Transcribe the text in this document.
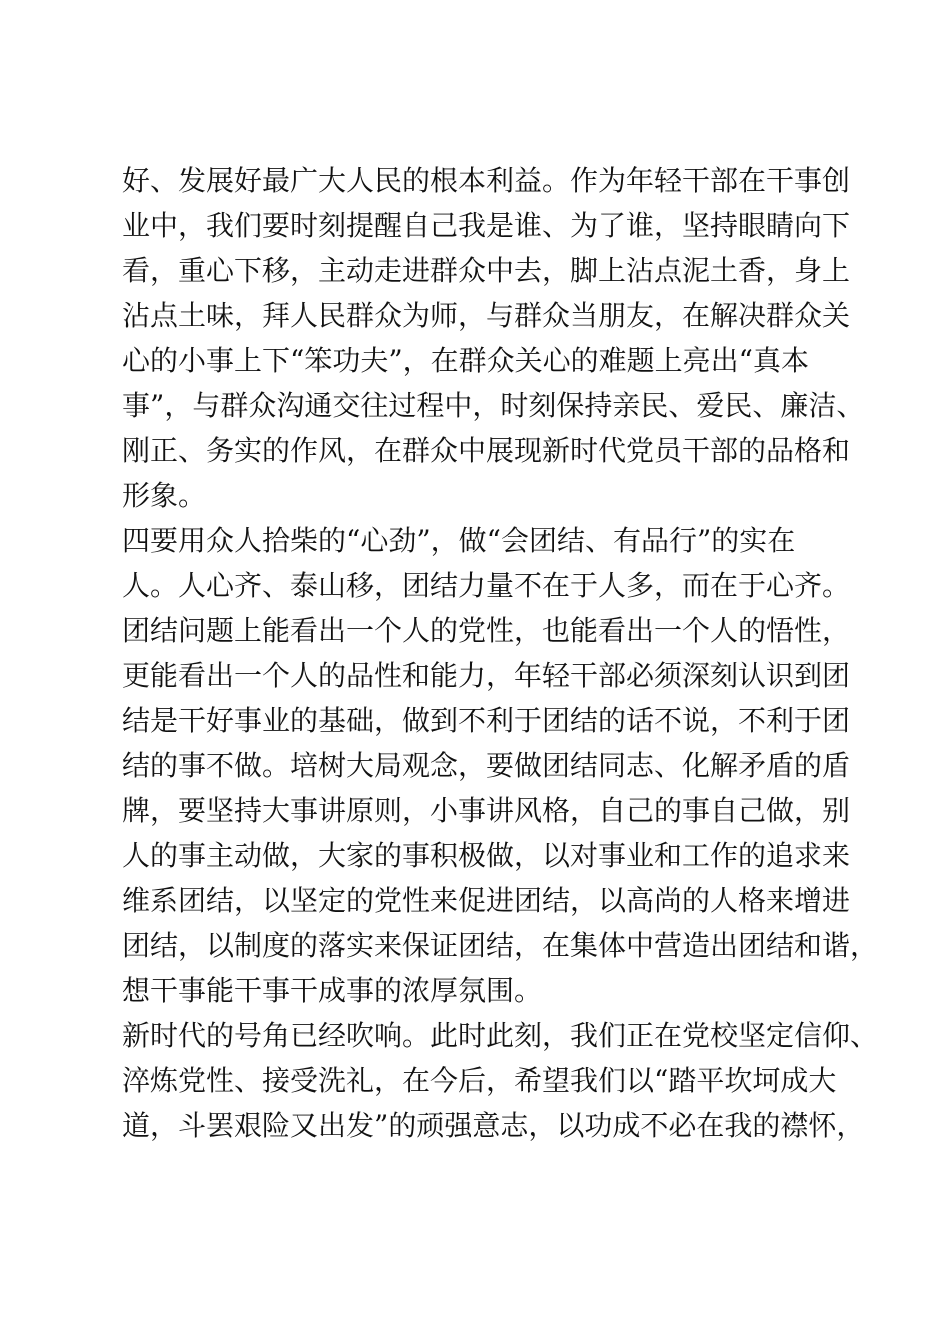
好、发展好最广大人民的根本利益。作为年轻干部在干事创
业中，我们要时刻提醒自己我是谁、为了谁，坚持眼睛向下
看，重心下移，主动走进群众中去，脚上沾点泥土香，身上
沾点土味，拜人民群众为师，与群众当朋友，在解决群众关
心的小事上下“笨功夫”，在群众关心的难题上亮出“真本
事”，与群众沟通交往过程中，时刻保持亲民、爱民、廉洁、
刚正、务实的作风，在群众中展现新时代党员干部的品格和
形象。
四要用众人拾柴的“心劲”，做“会团结、有品行”的实在
人。人心齐、泰山移，团结力量不在于人多，而在于心齐。
团结问题上能看出一个人的党性，也能看出一个人的悟性，
更能看出一个人的品性和能力，年轻干部必须深刻认识到团
结是干好事业的基础，做到不利于团结的话不说，不利于团
结的事不做。培树大局观念，要做团结同志、化解矛盾的盾
牌，要坚持大事讲原则，小事讲风格，自己的事自己做，别
人的事主动做，大家的事积极做，以对事业和工作的追求来
维系团结，以坚定的党性来促进团结，以高尚的人格来增进
团结，以制度的落实来保证团结，在集体中营造出团结和谐，
想干事能干事干成事的浓厚氛围。
新时代的号角已经吹响。此时此刻，我们正在党校坚定信仰、
淬炼党性、接受洗礼，在今后，希望我们以“踏平坎坷成大
道，斗罢艰险又出发”的顽强意志，以功成不必在我的襟怀，
